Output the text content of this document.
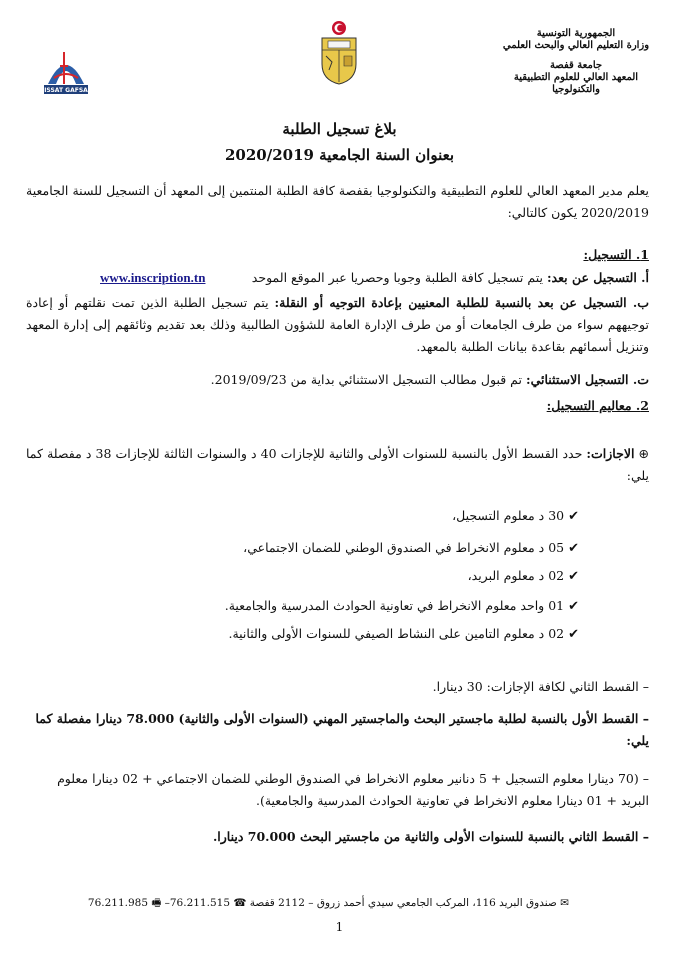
الجمهورية التونسية
وزارة التعليم العالي والبحث العلمي
جامعة قفصة
المعهد العالي للعلوم التطبيقية
والتكنولوجيا
ISSAT GAFSA
بلاغ تسجيل الطلبة
بعنوان السنة الجامعية 2020/2019
يعلم مدير المعهد العالي للعلوم التطبيقية والتكنولوجيا بقفصة كافة الطلبة المنتمين إلى المعهد أن التسجيل للسنة الجامعية 2020/2019 يكون كالتالي:
1. التسجيل:
أ. التسجيل عن بعد: يتم تسجيل كافة الطلبة وجوبا وحصريا عبر الموقع الموحد
www.inscription.tn
ب. التسجيل عن بعد بالنسبة للطلبة المعنيين بإعادة التوجيه أو النقلة: يتم تسجيل الطلبة الذين تمت نقلتهم أو إعادة توجيههم سواء من طرف الجامعات أو من طرف الإدارة العامة للشؤون الطالبية وذلك بعد تقديم وثائقهم إلى إدارة المعهد وتنزيل أسمائهم بقاعدة بيانات الطلبة بالمعهد.
ت. التسجيل الاستثنائي: تم قبول مطالب التسجيل الاستثنائي بداية من 2019/09/23.
2. معاليم التسجيل:
⊕ الاجازات: حدد القسط الأول بالنسبة للسنوات الأولى والثانية للإجازات 40 د والسنوات الثالثة للإجازات 38 د مفصلة كما يلي:
✔30 د معلوم التسجيل،
✔05 د معلوم الانخراط في الصندوق الوطني للضمان الاجتماعي،
✔02 د معلوم البريد،
✔01 واحد معلوم الانخراط في تعاونية الحوادث المدرسية والجامعية.
✔02 د معلوم التامين على النشاط الصيفي للسنوات الأولى والثانية.
– القسط الثاني لكافة الإجازات: 30 دينارا.
– القسط الأول بالنسبة لطلبة ماجستير البحث والماجستير المهني (السنوات الأولى والثانية) 78.000 دينارا مفصلة كما يلي:
– (70 دينارا معلوم التسجيل + 5 دنانير معلوم الانخراط في الصندوق الوطني للضمان الاجتماعي + 02 دينارا معلوم البريد + 01 دينارا معلوم الانخراط في تعاونية الحوادث المدرسية والجامعية).
– القسط الثاني بالنسبة للسنوات الأولى والثانية من ماجستير البحث 70.000 دينارا.
✉ صندوق البريد 116، المركب الجامعي سيدي أحمد زروق – 2112 قفصة ☎ 76.211.515– 🖷 76.211.985
1
